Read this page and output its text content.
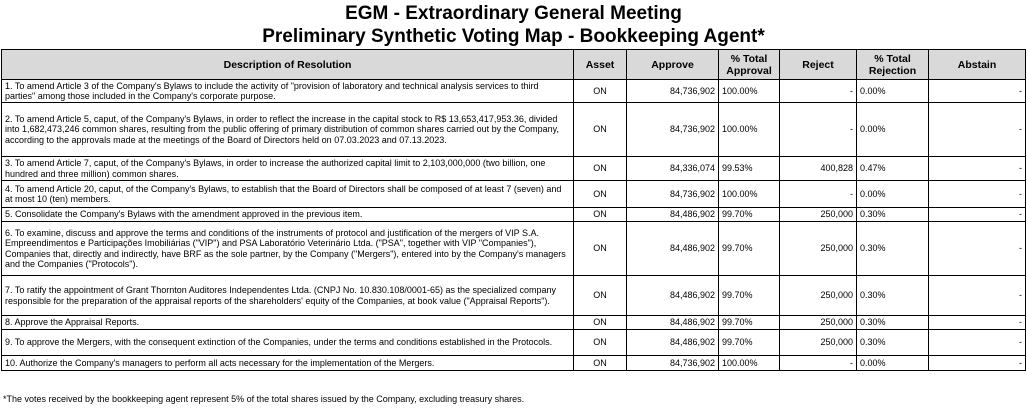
EGM - Extraordinary General Meeting
Preliminary Synthetic Voting Map - Bookkeeping Agent*
Description of Resolution	Asset	Approve	% Total Approval	Reject	% Total Rejection	Abstain
1. To amend Article 3 of the Company's Bylaws to include the activity of "provision of laboratory and technical analysis services to third parties" among those included in the Company's corporate purpose.	ON	84,736,902	100.00%	-	0.00%	-
2. To amend Article 5, caput, of the Company's Bylaws, in order to reflect the increase in the capital stock to R$ 13,653,417,953.36, divided into 1,682,473,246 common shares, resulting from the public offering of primary distribution of common shares carried out by the Company, according to the approvals made at the meetings of the Board of Directors held on 07.03.2023 and 07.13.2023.	ON	84,736,902	100.00%	-	0.00%	-
3. To amend Article 7, caput, of the Company's Bylaws, in order to increase the authorized capital limit to 2,103,000,000 (two billion, one hundred and three million) common shares.	ON	84,336,074	99.53%	400,828	0.47%	-
4. To amend Article 20, caput, of the Company's Bylaws, to establish that the Board of Directors shall be composed of at least 7 (seven) and at most 10 (ten) members.	ON	84,736,902	100.00%	-	0.00%	-
5. Consolidate the Company's Bylaws with the amendment approved in the previous item.	ON	84,486,902	99.70%	250,000	0.30%	-
6. To examine, discuss and approve the terms and conditions of the instruments of protocol and justification of the mergers of VIP S.A. Empreendimentos e Participações Imobiliárias ("VIP") and PSA Laboratório Veterinário Ltda. ("PSA", together with VIP "Companies"), Companies that, directly and indirectly, have BRF as the sole partner, by the Company ("Mergers"), entered into by the Company's managers and the Companies ("Protocols").	ON	84,486,902	99.70%	250,000	0.30%	-
7. To ratify the appointment of Grant Thornton Auditores Independentes Ltda. (CNPJ No. 10.830.108/0001-65) as the specialized company responsible for the preparation of the appraisal reports of the shareholders' equity of the Companies, at book value ("Appraisal Reports").	ON	84,486,902	99.70%	250,000	0.30%	-
8. Approve the Appraisal Reports.	ON	84,486,902	99.70%	250,000	0.30%	-
9. To approve the Mergers, with the consequent extinction of the Companies, under the terms and conditions established in the Protocols.	ON	84,486,902	99.70%	250,000	0.30%	-
10. Authorize the Company's managers to perform all acts necessary for the implementation of the Mergers.	ON	84,736,902	100.00%	-	0.00%	-
*The votes received by the bookkeeping agent represent 5% of the total shares issued by the Company, excluding treasury shares.
